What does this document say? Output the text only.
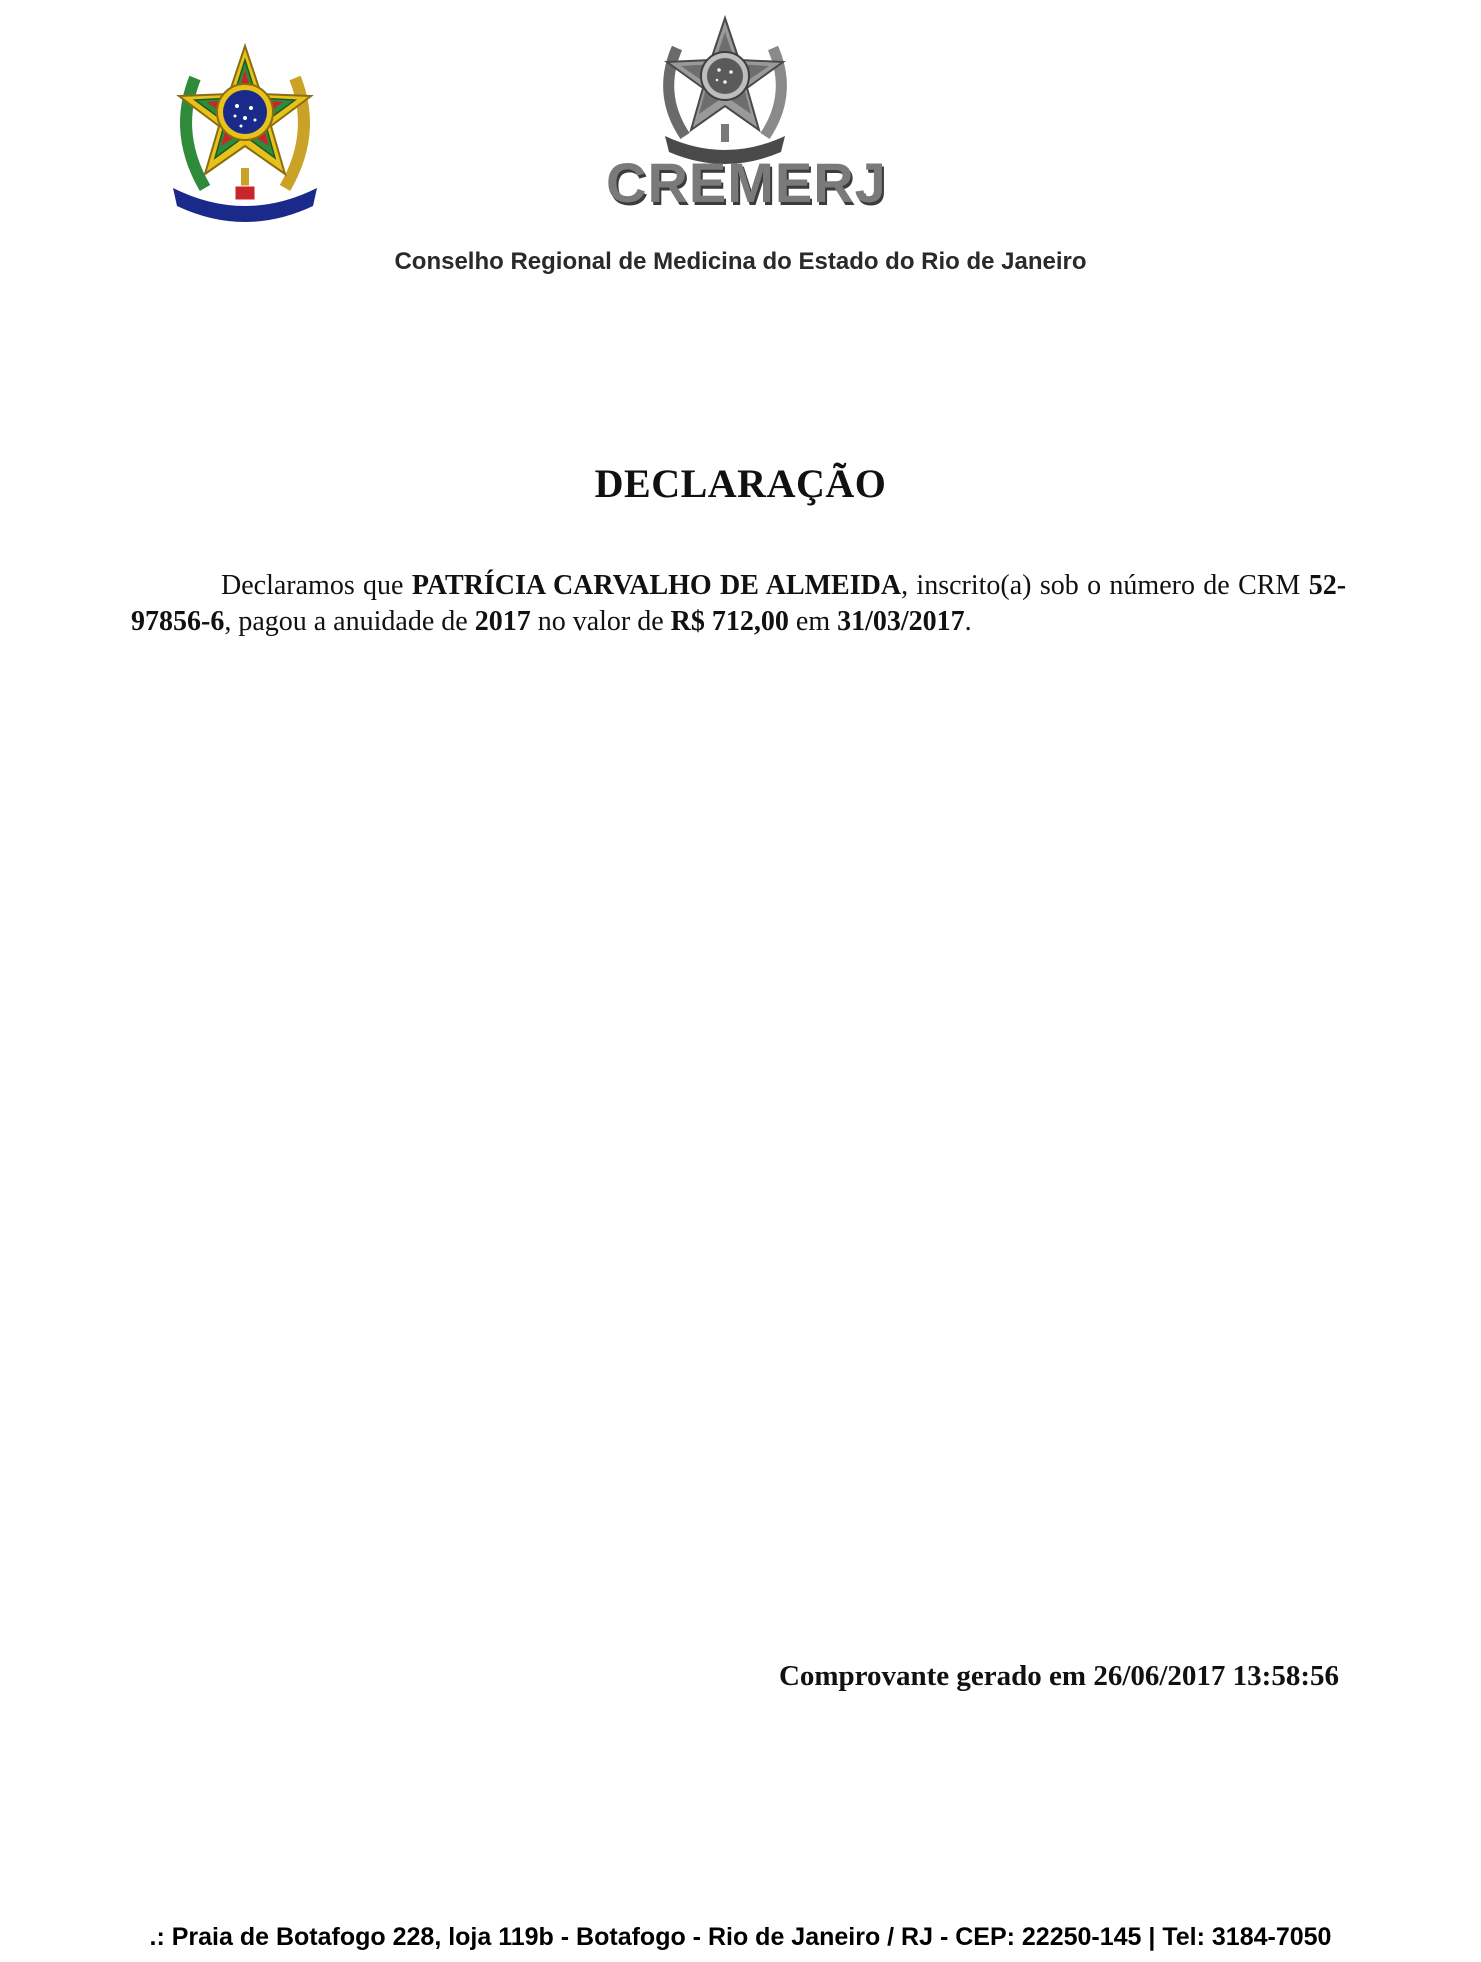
CREMERJ
Conselho Regional de Medicina do Estado do Rio de Janeiro
DECLARAÇÃO

Declaramos que PATRÍCIA CARVALHO DE ALMEIDA, inscrito(a) sob o número de CRM 52-97856-6, pagou a anuidade de 2017 no valor de R$ 712,00 em 31/03/2017.

Comprovante gerado em 26/06/2017 13:58:56
.: Praia de Botafogo 228, loja 119b - Botafogo - Rio de Janeiro / RJ - CEP: 22250-145 | Tel: 3184-7050
